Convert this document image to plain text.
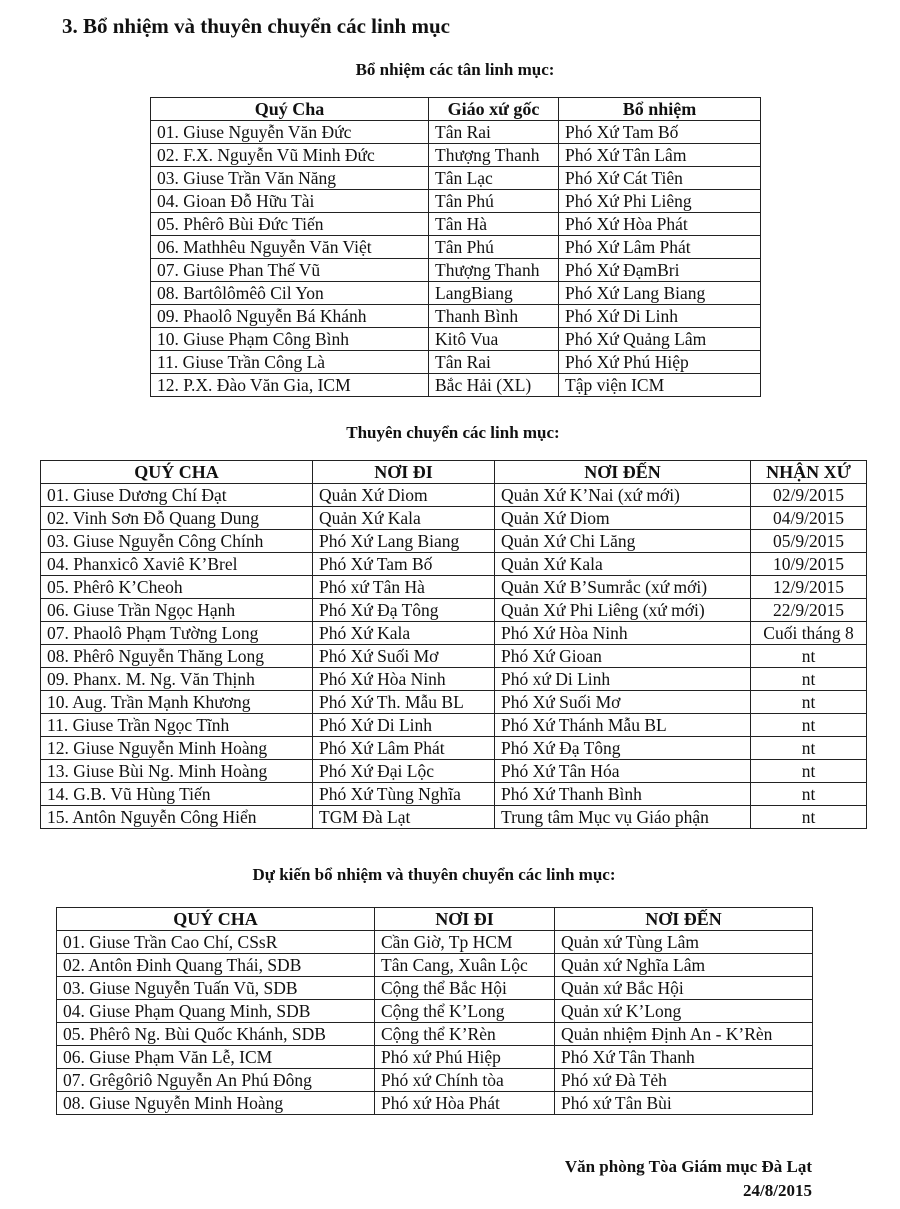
3. Bổ nhiệm và thuyên chuyển các linh mục
Bổ nhiệm các tân linh mục:
Quý Cha	Giáo xứ gốc	Bổ nhiệm
01. Giuse Nguyễn Văn Đức	Tân Rai	Phó Xứ Tam Bố
02. F.X. Nguyễn Vũ Minh Đức	Thượng Thanh	Phó Xứ Tân Lâm
03. Giuse Trần Văn Năng	Tân Lạc	Phó Xứ Cát Tiên
04. Gioan Đỗ Hữu Tài	Tân Phú	Phó Xứ Phi Liêng
05. Phêrô Bùi Đức Tiến	Tân Hà	Phó Xứ Hòa Phát
06. Mathhêu Nguyễn Văn Việt	Tân Phú	Phó Xứ Lâm Phát
07. Giuse Phan Thế Vũ	Thượng Thanh	Phó Xứ ĐạmBri
08. Bartôlômêô Cil Yon	LangBiang	Phó Xứ Lang Biang
09. Phaolô Nguyễn Bá Khánh	Thanh Bình	Phó Xứ Di Linh
10. Giuse Phạm Công Bình	Kitô Vua	Phó Xứ Quảng Lâm
11. Giuse Trần Công Là	Tân Rai	Phó Xứ Phú Hiệp
12. P.X. Đào Văn Gia, ICM	Bắc Hải (XL)	Tập viện ICM
Thuyên chuyển các linh mục:
QUÝ CHA	NƠI ĐI	NƠI ĐẾN	NHẬN XỨ
01. Giuse Dương Chí Đạt	Quản Xứ Diom	Quản Xứ K’Nai (xứ mới)	02/9/2015
02. Vinh Sơn Đỗ Quang Dung	Quản Xứ Kala	Quản Xứ Diom	04/9/2015
03. Giuse Nguyễn Công Chính	Phó Xứ Lang Biang	Quản Xứ Chi Lăng	05/9/2015
04. Phanxicô Xaviê K’Brel	Phó Xứ Tam Bố	Quản Xứ Kala	10/9/2015
05. Phêrô K’Cheoh	Phó xứ Tân Hà	Quản Xứ B’Sumrắc (xứ mới)	12/9/2015
06. Giuse Trần Ngọc Hạnh	Phó Xứ Đạ Tông	Quản Xứ Phi Liêng (xứ mới)	22/9/2015
07. Phaolô Phạm Tường Long	Phó Xứ Kala	Phó Xứ Hòa Ninh	Cuối tháng 8
08. Phêrô Nguyễn Thăng Long	Phó Xứ Suối Mơ	Phó Xứ Gioan	nt
09. Phanx. M. Ng. Văn Thịnh	Phó Xứ Hòa Ninh	Phó xứ Di Linh	nt
10. Aug. Trần Mạnh Khương	Phó Xứ Th. Mẫu BL	Phó Xứ Suối Mơ	nt
11. Giuse Trần Ngọc Tĩnh	Phó Xứ Di Linh	Phó Xứ Thánh Mẫu BL	nt
12. Giuse Nguyễn Minh Hoàng	Phó Xứ Lâm Phát	Phó Xứ Đạ Tông	nt
13. Giuse Bùi Ng. Minh Hoàng	Phó Xứ Đại Lộc	Phó Xứ Tân Hóa	nt
14. G.B. Vũ Hùng Tiến	Phó Xứ Tùng Nghĩa	Phó Xứ Thanh Bình	nt
15. Antôn Nguyễn Công Hiển	TGM Đà Lạt	Trung tâm Mục vụ Giáo phận	nt
Dự kiến bổ nhiệm và thuyên chuyển các linh mục:
QUÝ CHA	NƠI ĐI	NƠI ĐẾN
01. Giuse Trần Cao Chí, CSsR	Cần Giờ, Tp HCM	Quản xứ Tùng Lâm
02. Antôn Đinh Quang Thái, SDB	Tân Cang, Xuân Lộc	Quản xứ Nghĩa Lâm
03. Giuse Nguyễn Tuấn Vũ, SDB	Cộng thể Bắc Hội	Quản xứ Bắc Hội
04. Giuse Phạm Quang Minh, SDB	Cộng thể K’Long	Quản xứ K’Long
05. Phêrô Ng. Bùi Quốc Khánh, SDB	Cộng thể K’Rèn	Quản nhiệm Định An - K’Rèn
06. Giuse Phạm Văn Lễ, ICM	Phó xứ Phú Hiệp	Phó Xứ Tân Thanh
07. Grêgôriô Nguyễn An Phú Đông	Phó xứ Chính tòa	Phó xứ Đà Tẻh
08. Giuse Nguyễn Minh Hoàng	Phó xứ Hòa Phát	Phó xứ Tân Bùi
Văn phòng Tòa Giám mục Đà Lạt
24/8/2015
